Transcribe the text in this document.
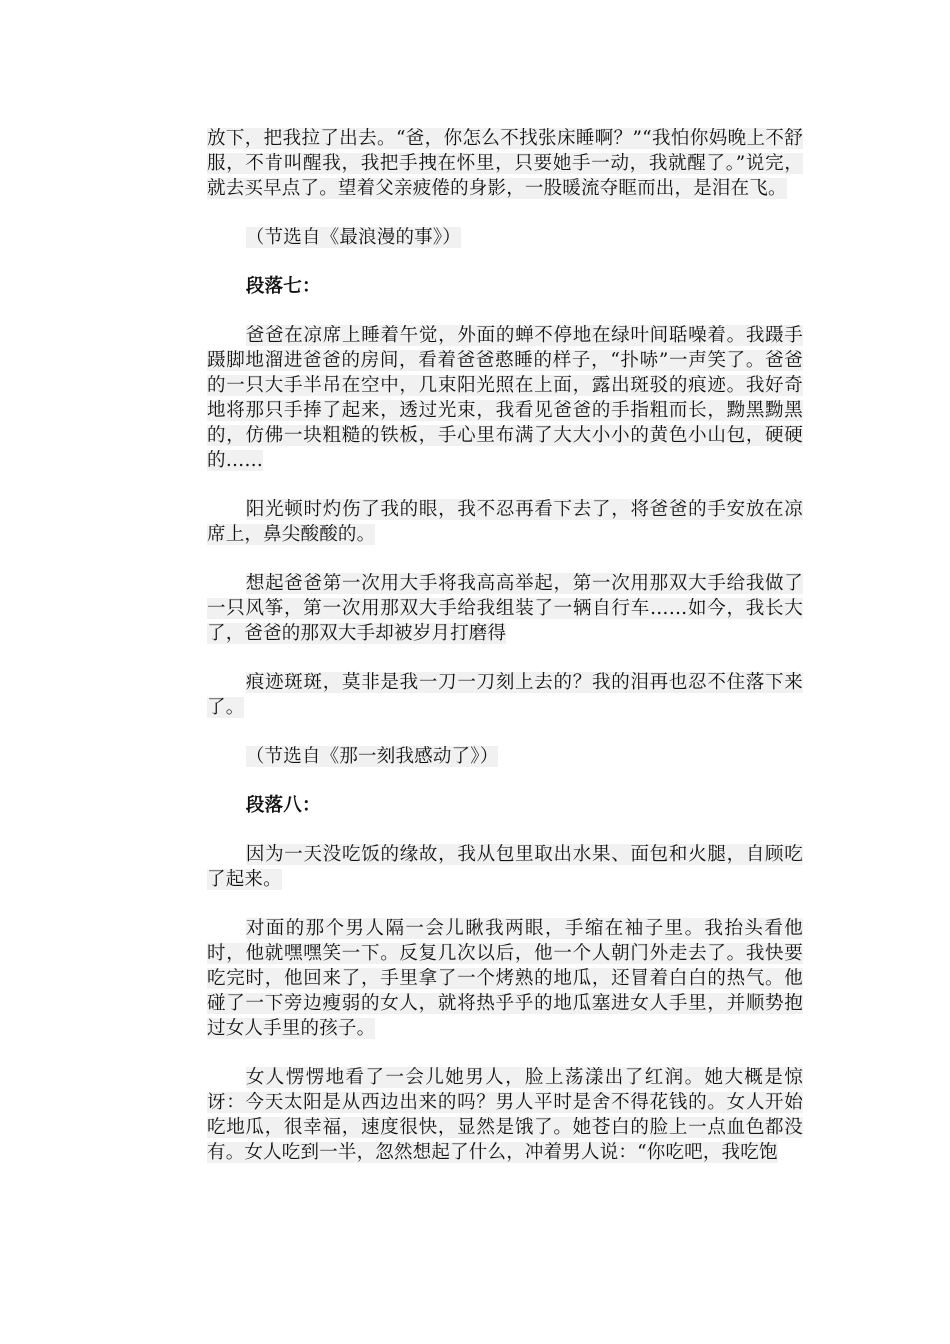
放下，把我拉了出去。“爸，你怎么不找张床睡啊？”“我怕你妈晚上不舒服，不肯叫醒我，我把手拽在怀里，只要她手一动，我就醒了。”说完，就去买早点了。望着父亲疲倦的身影，一股暖流夺眶而出，是泪在飞。

（节选自《最浪漫的事》）

段落七：

爸爸在凉席上睡着午觉，外面的蝉不停地在绿叶间聒噪着。我蹑手蹑脚地溜进爸爸的房间，看着爸爸憨睡的样子，“扑哧”一声笑了。爸爸的一只大手半吊在空中，几束阳光照在上面，露出斑驳的痕迹。我好奇地将那只手捧了起来，透过光束，我看见爸爸的手指粗而长，黝黑黝黑的，仿佛一块粗糙的铁板，手心里布满了大大小小的黄色小山包，硬硬的……

阳光顿时灼伤了我的眼，我不忍再看下去了，将爸爸的手安放在凉席上，鼻尖酸酸的。

想起爸爸第一次用大手将我高高举起，第一次用那双大手给我做了一只风筝，第一次用那双大手给我组装了一辆自行车……如今，我长大了，爸爸的那双大手却被岁月打磨得

痕迹斑斑，莫非是我一刀一刀刻上去的？我的泪再也忍不住落下来了。

（节选自《那一刻我感动了》）

段落八：

因为一天没吃饭的缘故，我从包里取出水果、面包和火腿，自顾吃了起来。

对面的那个男人隔一会儿瞅我两眼，手缩在袖子里。我抬头看他时，他就嘿嘿笑一下。反复几次以后，他一个人朝门外走去了。我快要吃完时，他回来了，手里拿了一个烤熟的地瓜，还冒着白白的热气。他碰了一下旁边瘦弱的女人，就将热乎乎的地瓜塞进女人手里，并顺势抱过女人手里的孩子。

女人愣愣地看了一会儿她男人，脸上荡漾出了红润。她大概是惊讶：今天太阳是从西边出来的吗？男人平时是舍不得花钱的。女人开始吃地瓜，很幸福，速度很快，显然是饿了。她苍白的脸上一点血色都没有。女人吃到一半，忽然想起了什么，冲着男人说：“你吃吧，我吃饱
